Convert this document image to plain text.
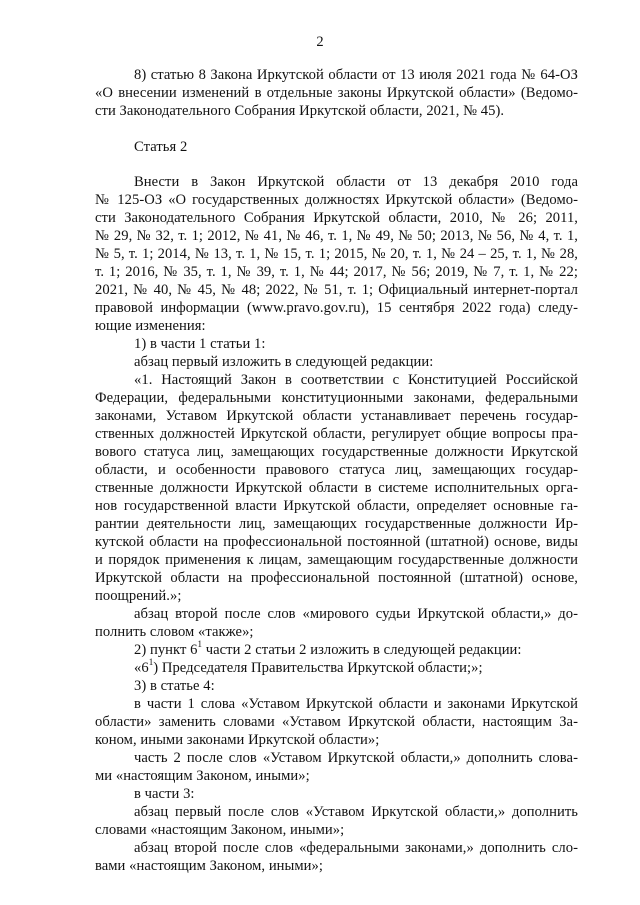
2
8) статью 8 Закона Иркутской области от 13 июля 2021 года № 64-ОЗ
«О внесении изменений в отдельные законы Иркутской области» (Ведомо-
сти Законодательного Собрания Иркутской области, 2021, № 45).
Статья 2
Внести в Закон Иркутской области от 13 декабря 2010 года
№ 125-ОЗ «О государственных должностях Иркутской области» (Ведомо-
сти Законодательного Собрания Иркутской области, 2010, № 26; 2011,
№ 29, № 32, т. 1; 2012, № 41, № 46, т. 1, № 49, № 50; 2013, № 56, № 4, т. 1,
№ 5, т. 1; 2014, № 13, т. 1, № 15, т. 1; 2015, № 20, т. 1, № 24 – 25, т. 1, № 28,
т. 1; 2016, № 35, т. 1, № 39, т. 1, № 44; 2017, № 56; 2019, № 7, т. 1, № 22;
2021, № 40, № 45, № 48; 2022, № 51, т. 1; Официальный интернет-портал
правовой информации (www.pravo.gov.ru), 15 сентября 2022 года) следу-
ющие изменения:
1) в части 1 статьи 1:
абзац первый изложить в следующей редакции:
«1. Настоящий Закон в соответствии с Конституцией Российской
Федерации, федеральными конституционными законами, федеральными
законами, Уставом Иркутской области устанавливает перечень государ-
ственных должностей Иркутской области, регулирует общие вопросы пра-
вового статуса лиц, замещающих государственные должности Иркутской
области, и особенности правового статуса лиц, замещающих государ-
ственные должности Иркутской области в системе исполнительных орга-
нов государственной власти Иркутской области, определяет основные га-
рантии деятельности лиц, замещающих государственные должности Ир-
кутской области на профессиональной постоянной (штатной) основе, виды
и порядок применения к лицам, замещающим государственные должности
Иркутской области на профессиональной постоянной (штатной) основе,
поощрений.»;
абзац второй после слов «мирового судьи Иркутской области,» до-
полнить словом «также»;
2) пункт $6^1$ части 2 статьи 2 изложить в следующей редакции:
«$6^1$) Председателя Правительства Иркутской области;»;
3) в статье 4:
в части 1 слова «Уставом Иркутской области и законами Иркутской
области» заменить словами «Уставом Иркутской области, настоящим За-
коном, иными законами Иркутской области»;
часть 2 после слов «Уставом Иркутской области,» дополнить слова-
ми «настоящим Законом, иными»;
в части 3:
абзац первый после слов «Уставом Иркутской области,» дополнить
словами «настоящим Законом, иными»;
абзац второй после слов «федеральными законами,» дополнить сло-
вами «настоящим Законом, иными»;
